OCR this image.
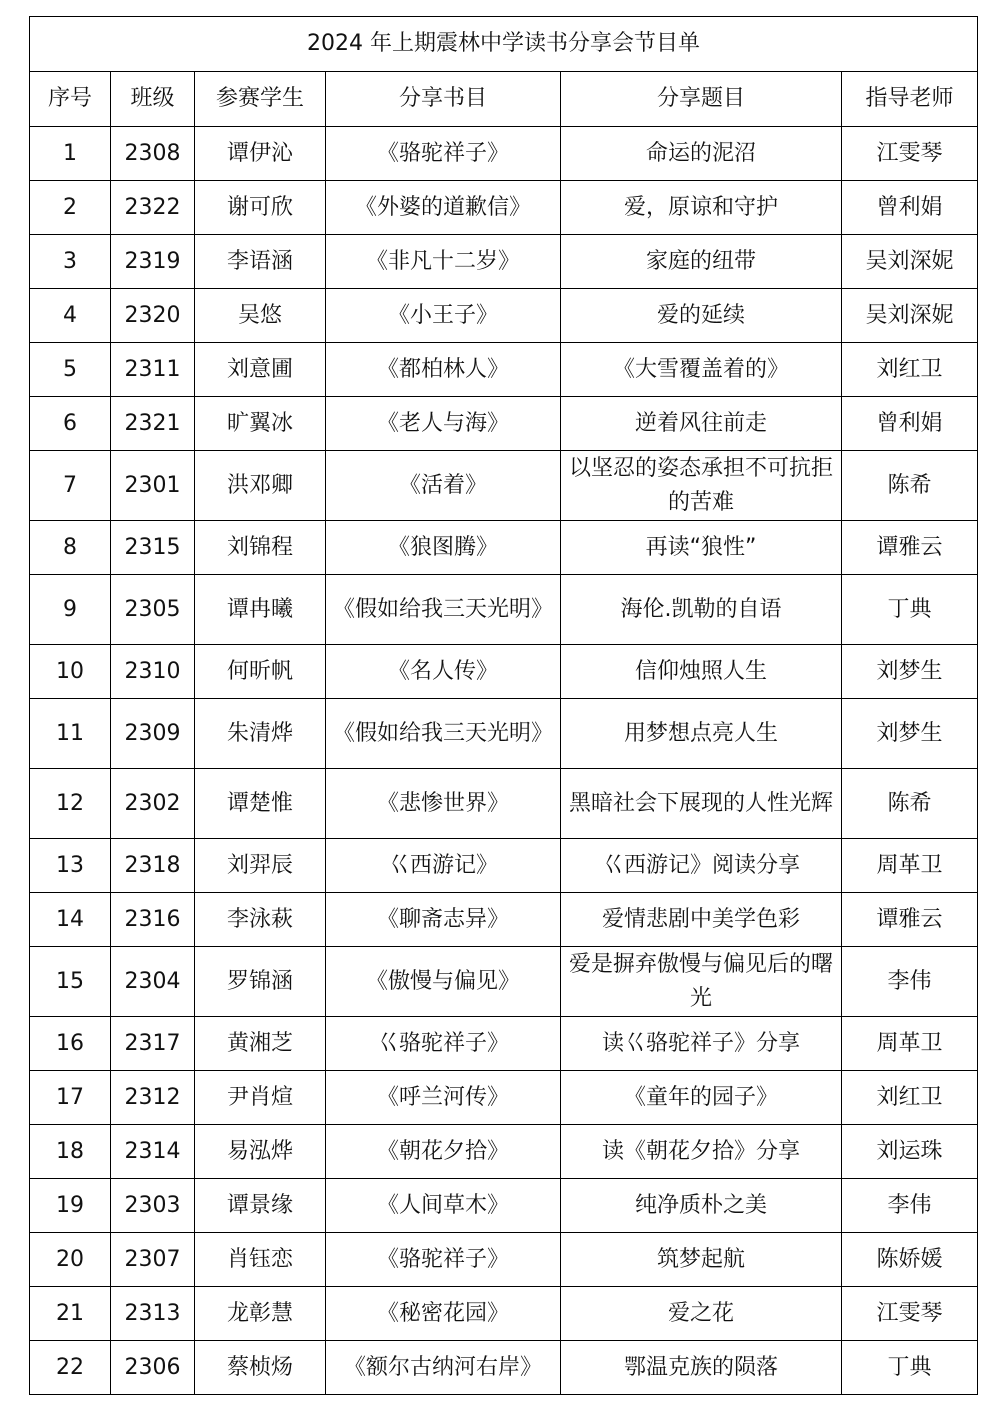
2024 年上期震林中学读书分享会节目单					
序号	班级	参赛学生	分享书目	分享题目	指导老师
1	2308	谭伊沁	《骆驼祥子》	命运的泥沼	江雯琴
2	2322	谢可欣	《外婆的道歉信》	爱，原谅和守护	曾利娟
3	2319	李语涵	《非凡十二岁》	家庭的纽带	吴刘深妮
4	2320	吴悠	《小王子》	爱的延续	吴刘深妮
5	2311	刘意圃	《都柏林人》	《大雪覆盖着的》	刘红卫
6	2321	旷翼冰	《老人与海》	逆着风往前走	曾利娟
7	2301	洪邓卿	《活着》	以坚忍的姿态承担不可抗拒的苦难	陈希
8	2315	刘锦程	《狼图腾》	再读“狼性”	谭雅云
9	2305	谭冉曦	《假如给我三天光明》	海伦.凯勒的自语	丁典
10	2310	何昕帆	《名人传》	信仰烛照人生	刘梦生
11	2309	朱清烨	《假如给我三天光明》	用梦想点亮人生	刘梦生
12	2302	谭楚惟	《悲惨世界》	黑暗社会下展现的人性光辉	陈希
13	2318	刘羿辰	巜西游记》	巜西游记》阅读分享	周革卫
14	2316	李泳萩	《聊斋志异》	爱情悲剧中美学色彩	谭雅云
15	2304	罗锦涵	《傲慢与偏见》	爱是摒弃傲慢与偏见后的曙光	李伟
16	2317	黄湘芝	巜骆驼祥子》	读巜骆驼祥子》分享	周革卫
17	2312	尹肖煊	《呼兰河传》	《童年的园子》	刘红卫
18	2314	易泓烨	《朝花夕拾》	读《朝花夕拾》分享	刘运珠
19	2303	谭景缘	《人间草木》	纯净质朴之美	李伟
20	2307	肖钰恋	《骆驼祥子》	筑梦起航	陈娇媛
21	2313	龙彰慧	《秘密花园》	爱之花	江雯琴
22	2306	蔡桢炀	《额尔古纳河右岸》	鄂温克族的陨落	丁典
